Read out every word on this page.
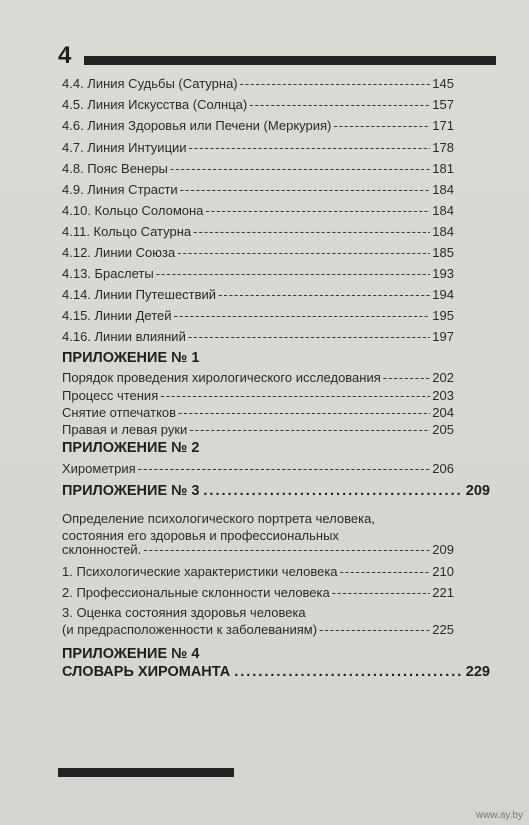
4
4.4. Линия Судьбы (Сатурна) -----	145
4.5. Линия Искусства (Солнца) -----	157
4.6. Линия Здоровья или Печени (Меркурия) -----	171
4.7. Линия Интуиции -----	178
4.8. Пояс Венеры -----	181
4.9. Линия Страсти -----	184
4.10. Кольцо Соломона -----	184
4.11. Кольцо Сатурна -----	184
4.12. Линии Союза -----	185
4.13. Браслеты -----	193
4.14. Линии Путешествий -----	194
4.15. Линии Детей -----	195
4.16. Линии влияний -----	197
ПРИЛОЖЕНИЕ № 1
Порядок проведения хирологического исследования -----	202
Процесс чтения -----	203
Снятие отпечатков -----	204
Правая и левая руки -----	205
ПРИЛОЖЕНИЕ № 2
Хирометрия -----	206
ПРИЛОЖЕНИЕ № 3 .....	209
Определение психологического портрета человека,
состояния его здоровья и профессиональных
склонностей. -----	209
1. Психологические характеристики человека -----	210
2. Профессиональные склонности человека -----	221
3. Оценка состояния здоровья человека
(и предрасположенности к заболеваниям) -----	225
ПРИЛОЖЕНИЕ № 4
СЛОВАРЬ ХИРОМАНТА .....	229
www.ay.by
